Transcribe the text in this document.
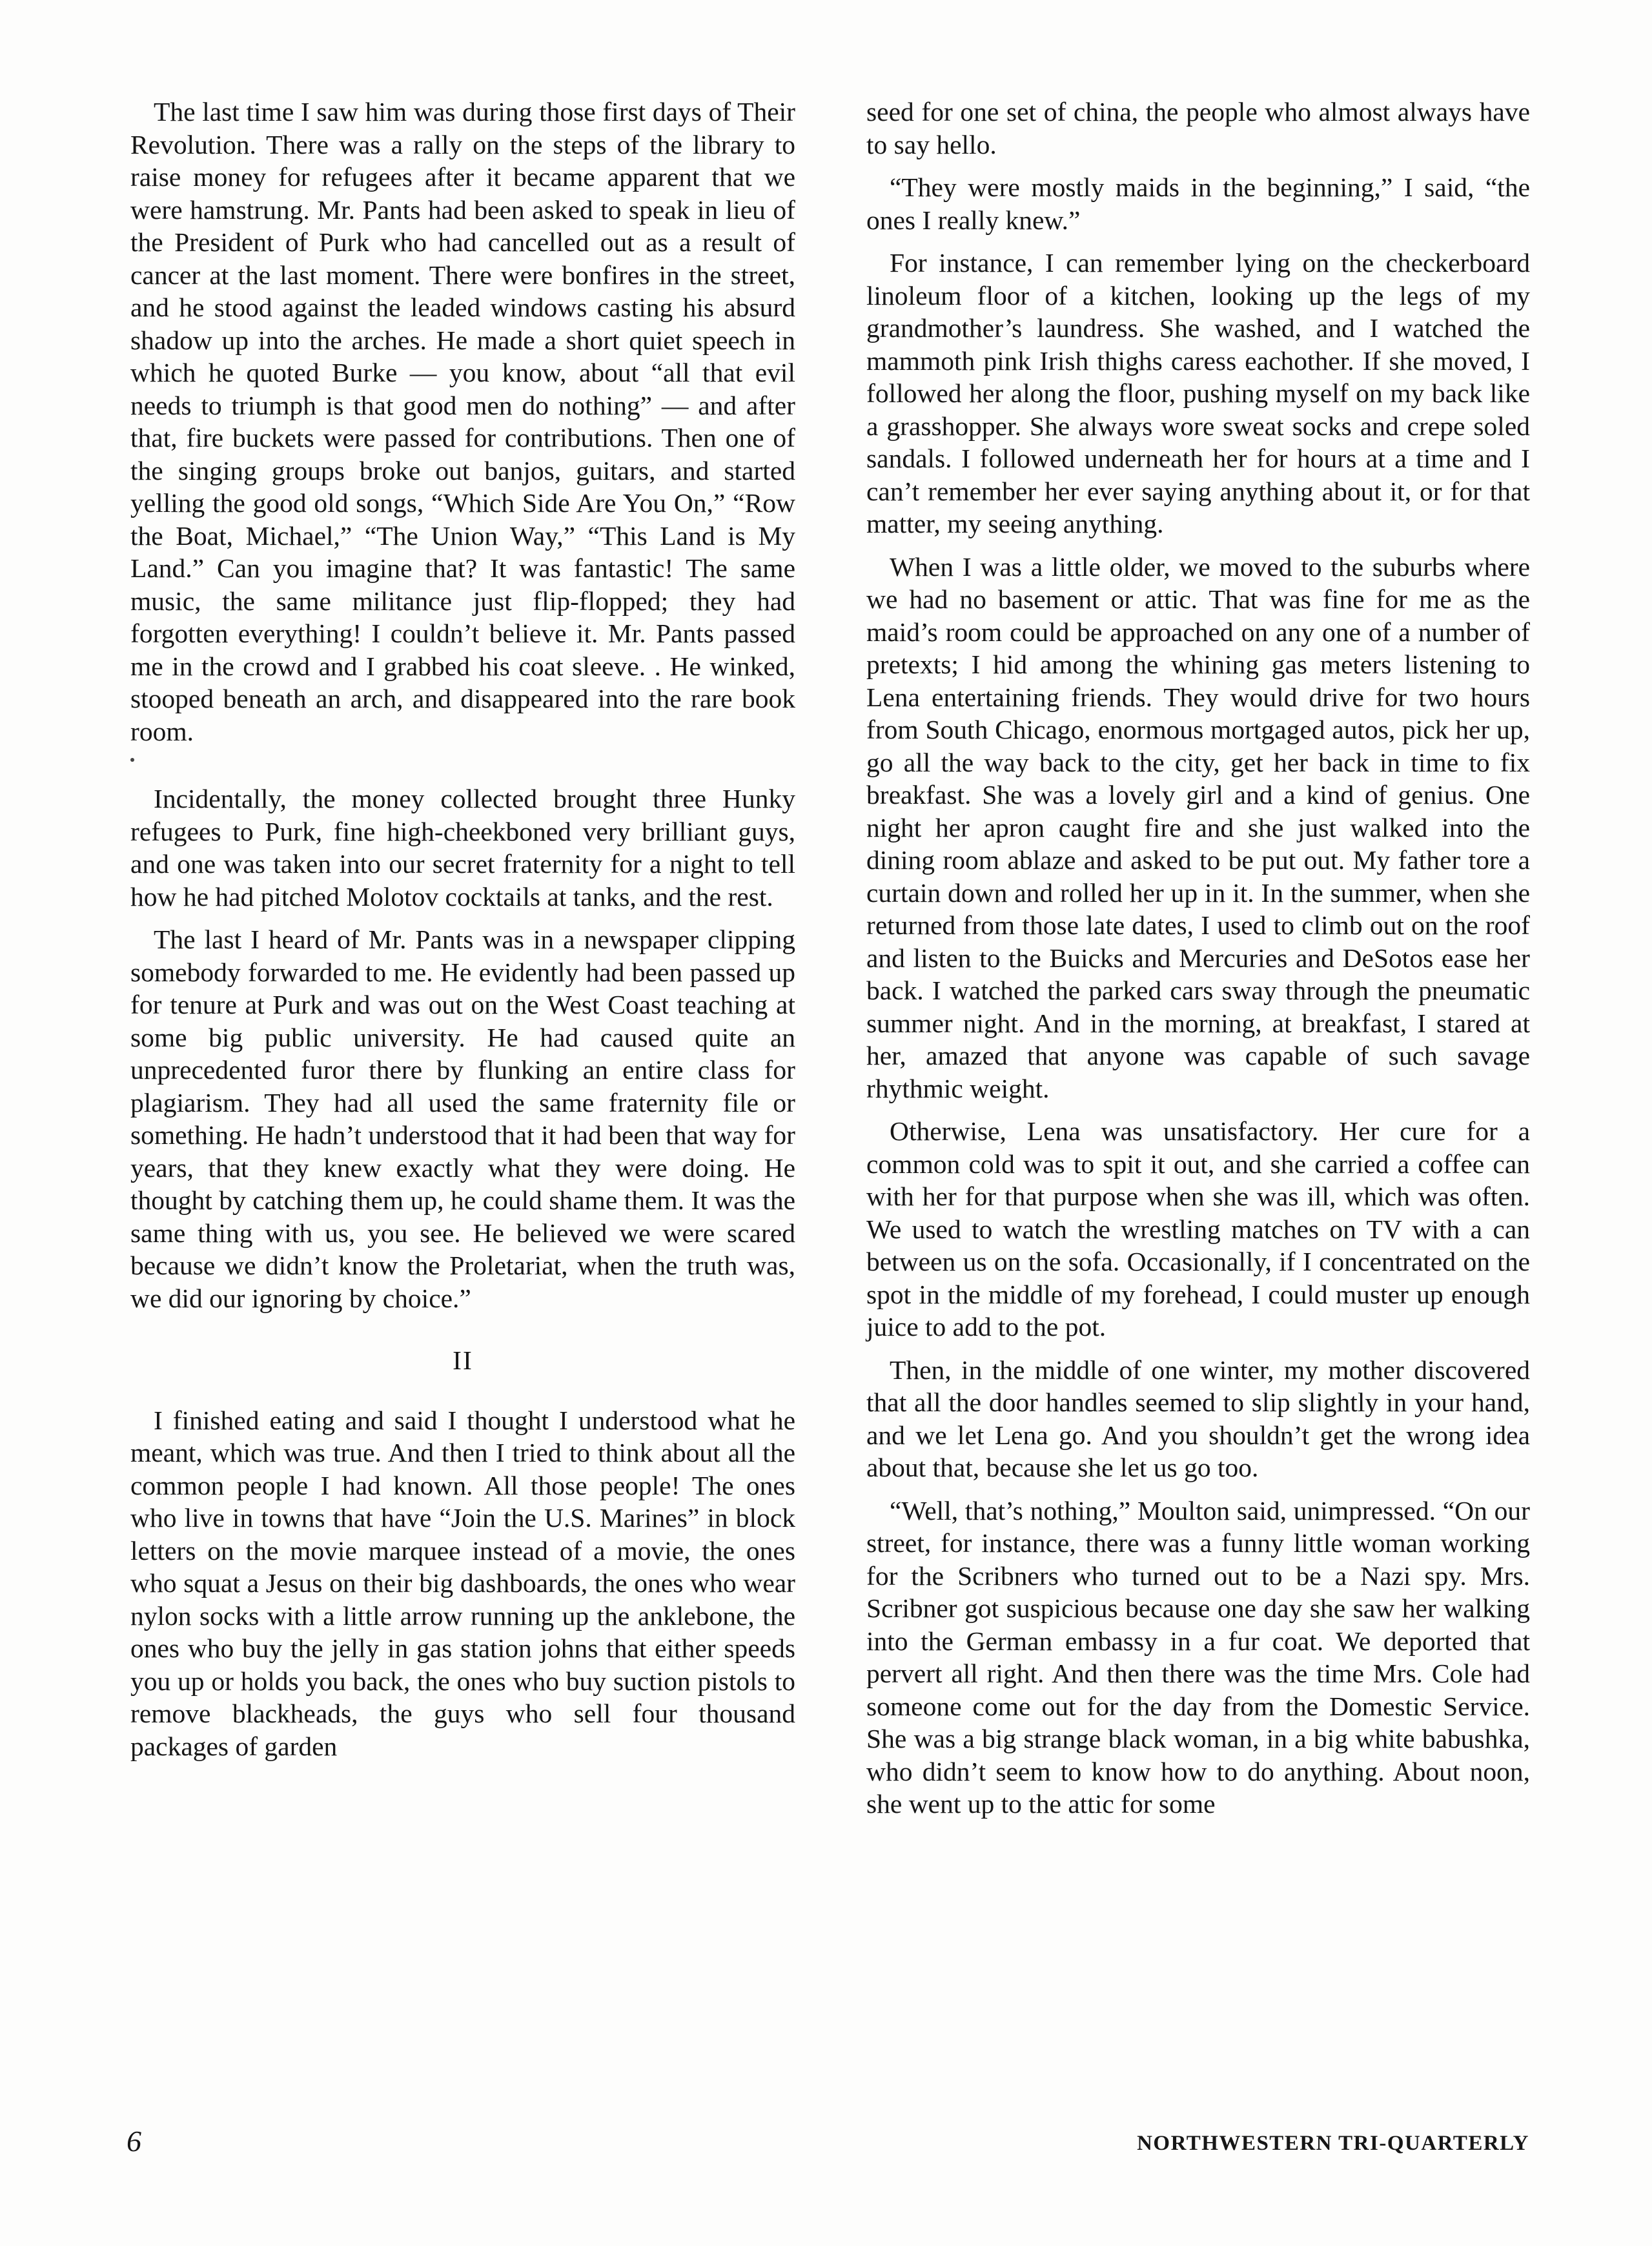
The last time I saw him was during those first days of Their Revolution. There was a rally on the steps of the library to raise money for refugees after it became apparent that we were hamstrung. Mr. Pants had been asked to speak in lieu of the President of Purk who had cancelled out as a result of cancer at the last moment. There were bonfires in the street, and he stood against the leaded windows casting his absurd shadow up into the arches. He made a short quiet speech in which he quoted Burke — you know, about “all that evil needs to triumph is that good men do nothing” — and after that, fire buckets were passed for contributions. Then one of the singing groups broke out banjos, guitars, and started yelling the good old songs, “Which Side Are You On,” “Row the Boat, Michael,” “The Union Way,” “This Land is My Land.” Can you imagine that? It was fantastic! The same music, the same militance just flip-flopped; they had forgotten everything! I couldn’t believe it. Mr. Pants passed me in the crowd and I grabbed his coat sleeve. . He winked, stooped beneath an arch, and disappeared into the rare book room.

Incidentally, the money collected brought three Hunky refugees to Purk, fine high-cheekboned very brilliant guys, and one was taken into our secret fraternity for a night to tell how he had pitched Molotov cocktails at tanks, and the rest.

The last I heard of Mr. Pants was in a newspaper clipping somebody forwarded to me. He evidently had been passed up for tenure at Purk and was out on the West Coast teaching at some big public university. He had caused quite an unprecedented furor there by flunking an entire class for plagiarism. They had all used the same fraternity file or something. He hadn’t understood that it had been that way for years, that they knew exactly what they were doing. He thought by catching them up, he could shame them. It was the same thing with us, you see. He believed we were scared because we didn’t know the Proletariat, when the truth was, we did our ignoring by choice.”

II

I finished eating and said I thought I understood what he meant, which was true. And then I tried to think about all the common people I had known. All those people! The ones who live in towns that have “Join the U.S. Marines” in block letters on the movie marquee instead of a movie, the ones who squat a Jesus on their big dashboards, the ones who wear nylon socks with a little arrow running up the anklebone, the ones who buy the jelly in gas station johns that either speeds you up or holds you back, the ones who buy suction pistols to remove blackheads, the guys who sell four thousand packages of garden

seed for one set of china, the people who almost always have to say hello.

“They were mostly maids in the beginning,” I said, “the ones I really knew.”

For instance, I can remember lying on the checkerboard linoleum floor of a kitchen, looking up the legs of my grandmother’s laundress. She washed, and I watched the mammoth pink Irish thighs caress eachother. If she moved, I followed her along the floor, pushing myself on my back like a grasshopper. She always wore sweat socks and crepe soled sandals. I followed underneath her for hours at a time and I can’t remember her ever saying anything about it, or for that matter, my seeing anything.

When I was a little older, we moved to the suburbs where we had no basement or attic. That was fine for me as the maid’s room could be approached on any one of a number of pretexts; I hid among the whining gas meters listening to Lena entertaining friends. They would drive for two hours from South Chicago, enormous mortgaged autos, pick her up, go all the way back to the city, get her back in time to fix breakfast. She was a lovely girl and a kind of genius. One night her apron caught fire and she just walked into the dining room ablaze and asked to be put out. My father tore a curtain down and rolled her up in it. In the summer, when she returned from those late dates, I used to climb out on the roof and listen to the Buicks and Mercuries and DeSotos ease her back. I watched the parked cars sway through the pneumatic summer night. And in the morning, at breakfast, I stared at her, amazed that anyone was capable of such savage rhythmic weight.

Otherwise, Lena was unsatisfactory. Her cure for a common cold was to spit it out, and she carried a coffee can with her for that purpose when she was ill, which was often. We used to watch the wrestling matches on TV with a can between us on the sofa. Occasionally, if I concentrated on the spot in the middle of my forehead, I could muster up enough juice to add to the pot.

Then, in the middle of one winter, my mother discovered that all the door handles seemed to slip slightly in your hand, and we let Lena go. And you shouldn’t get the wrong idea about that, because she let us go too.

“Well, that’s nothing,” Moulton said, unimpressed. “On our street, for instance, there was a funny little woman working for the Scribners who turned out to be a Nazi spy. Mrs. Scribner got suspicious because one day she saw her walking into the German embassy in a fur coat. We deported that pervert all right. And then there was the time Mrs. Cole had someone come out for the day from the Domestic Service. She was a big strange black woman, in a big white babushka, who didn’t seem to know how to do anything. About noon, she went up to the attic for some

6	NORTHWESTERN TRI-QUARTERLY
